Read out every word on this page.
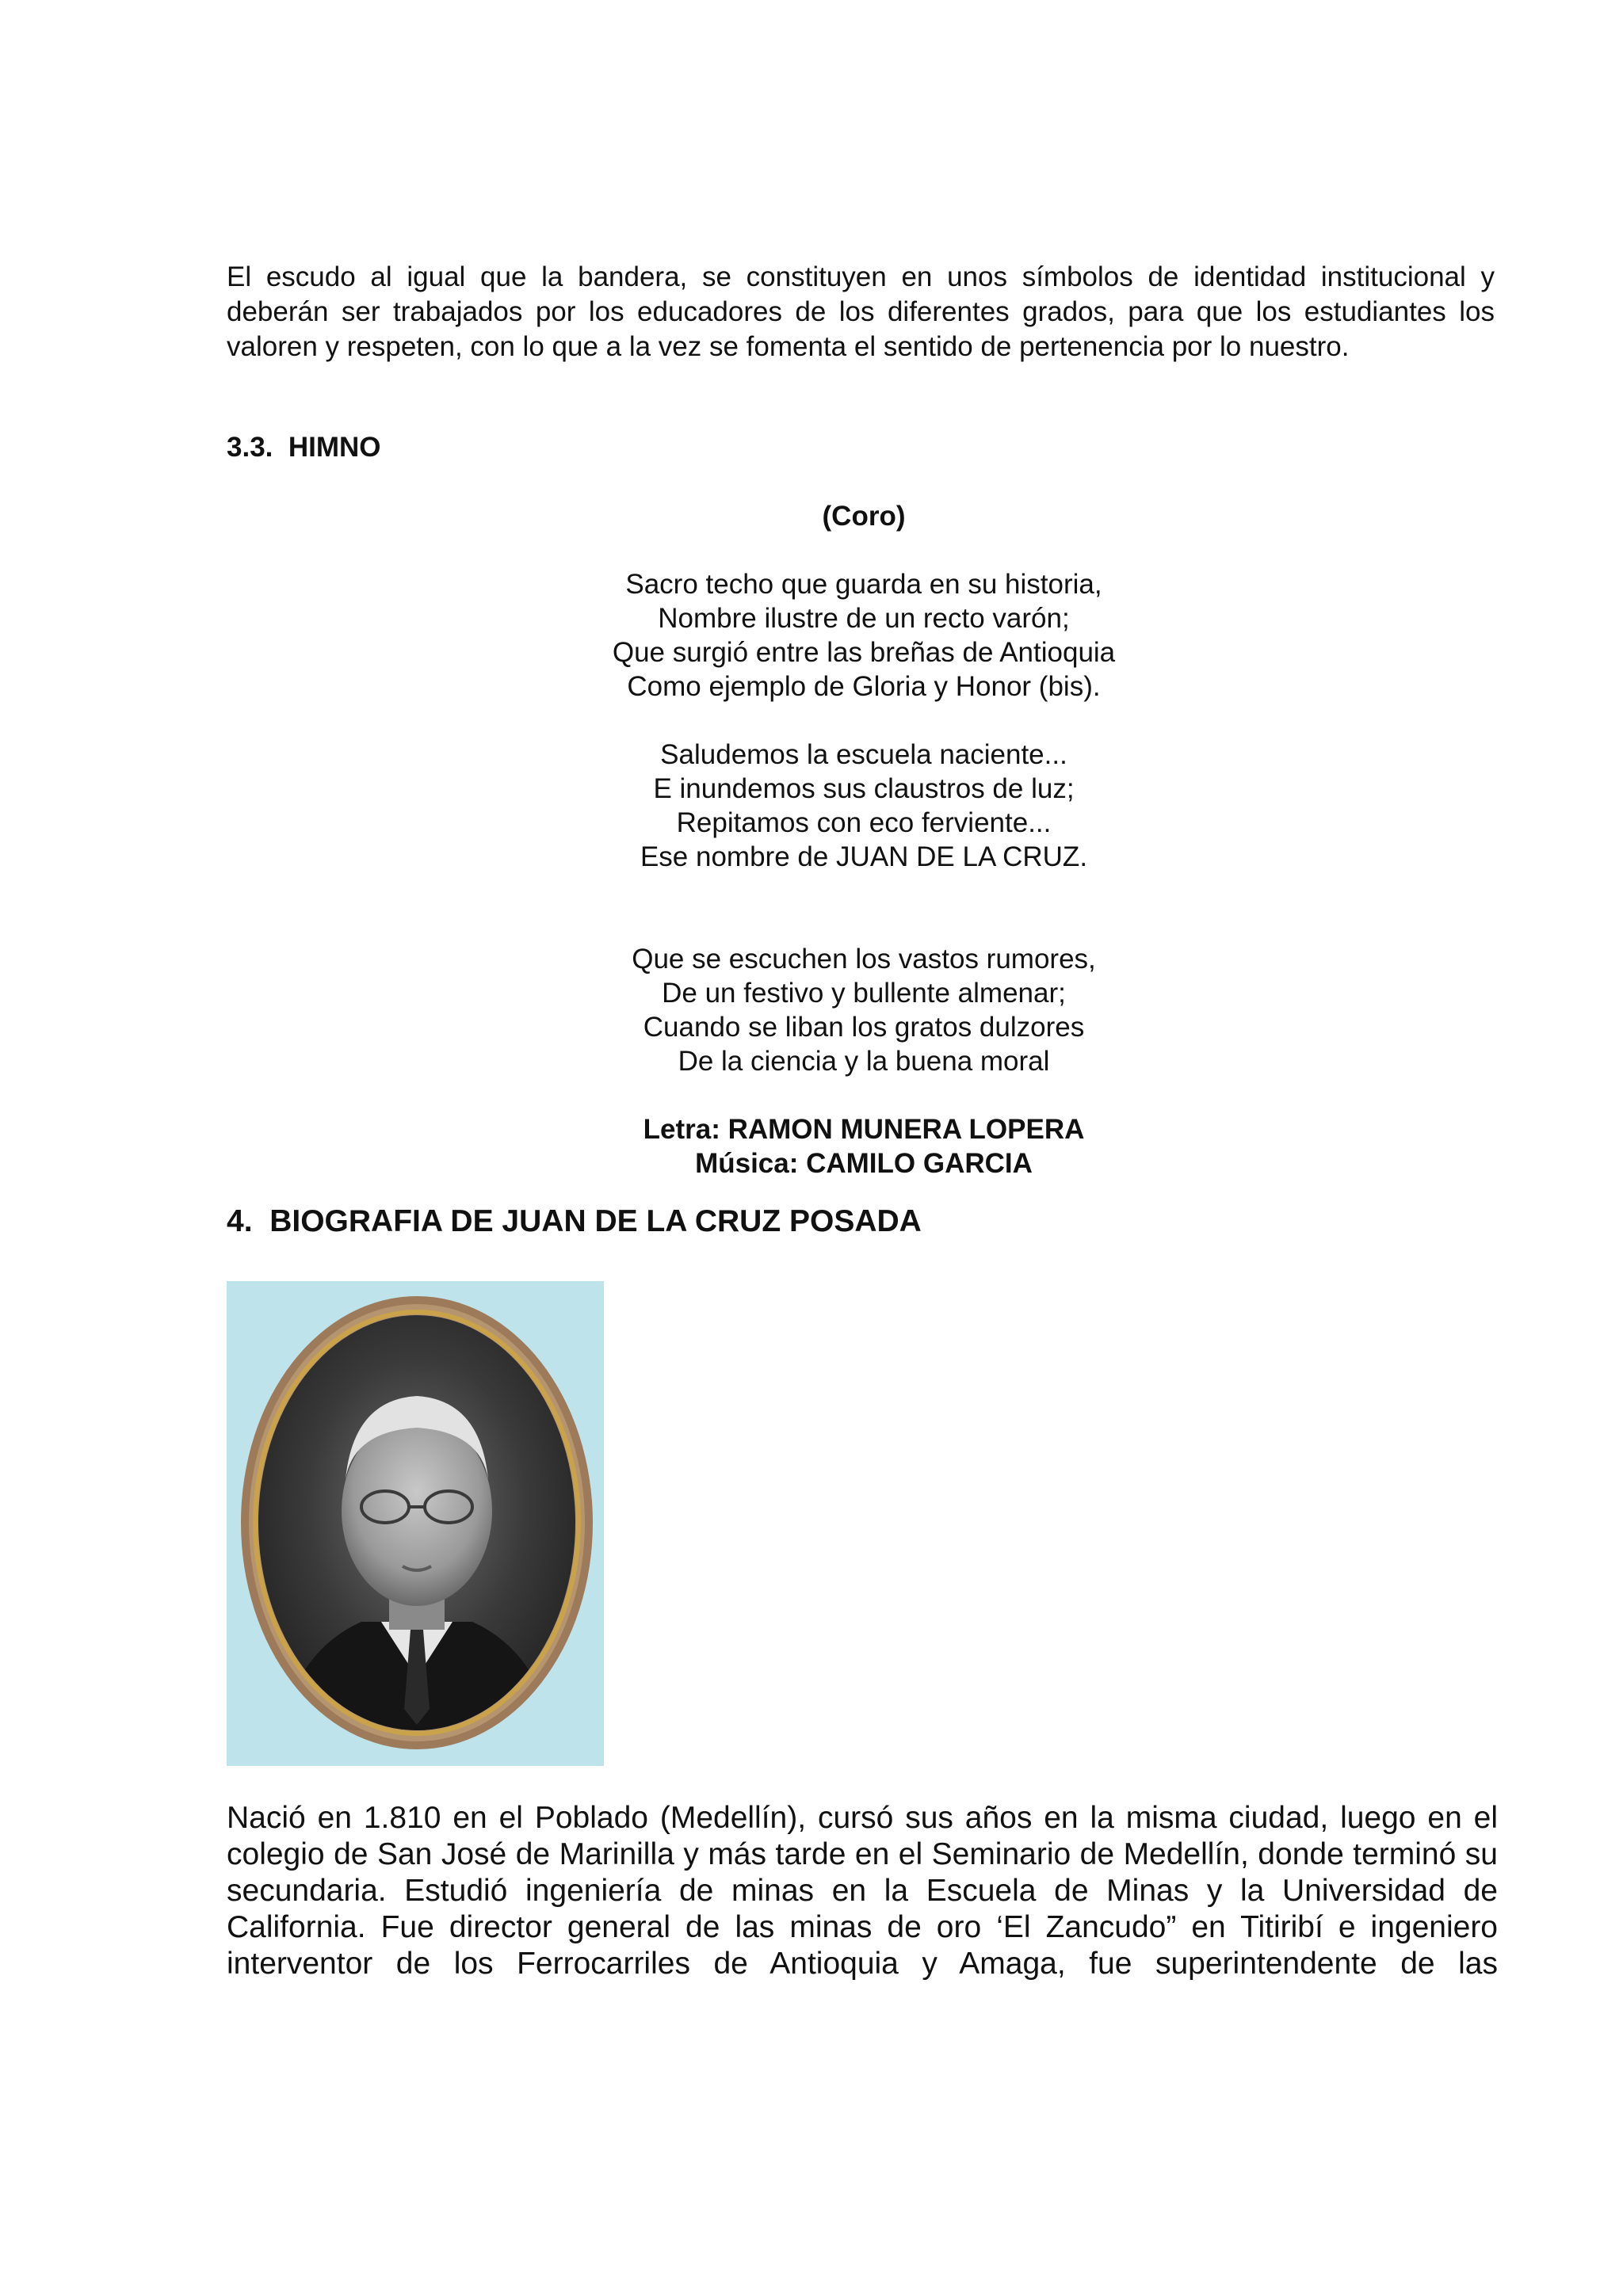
El escudo al igual que la bandera, se constituyen en unos símbolos de identidad institucional y deberán ser trabajados por los educadores de los diferentes grados, para que los estudiantes los valoren y respeten, con lo que a la vez se fomenta el sentido de pertenencia por lo nuestro.

3.3.  HIMNO

(Coro)

Sacro techo que guarda en su historia,
Nombre ilustre de un recto varón;
Que surgió entre las breñas de Antioquia
Como ejemplo de Gloria y Honor (bis).

Saludemos la escuela naciente...
E inundemos sus claustros de luz;
Repitamos con eco ferviente...
Ese nombre de JUAN DE LA CRUZ.

Que se escuchen los vastos rumores,
De un festivo y bullente almenar;
Cuando se liban los gratos dulzores
De la ciencia y la buena moral

Letra: RAMON MUNERA LOPERA
Música: CAMILO GARCIA

4.  BIOGRAFIA DE JUAN DE LA CRUZ POSADA

Nació en 1.810 en el Poblado (Medellín), cursó sus años en la misma ciudad, luego en el colegio de San José de Marinilla y más tarde en el Seminario de Medellín, donde terminó su secundaria. Estudió ingeniería de minas en la Escuela de Minas y la Universidad de California. Fue director general de las minas de oro ‘El Zancudo” en Titiribí e ingeniero interventor de los Ferrocarriles de Antioquia y Amaga, fue superintendente de las
